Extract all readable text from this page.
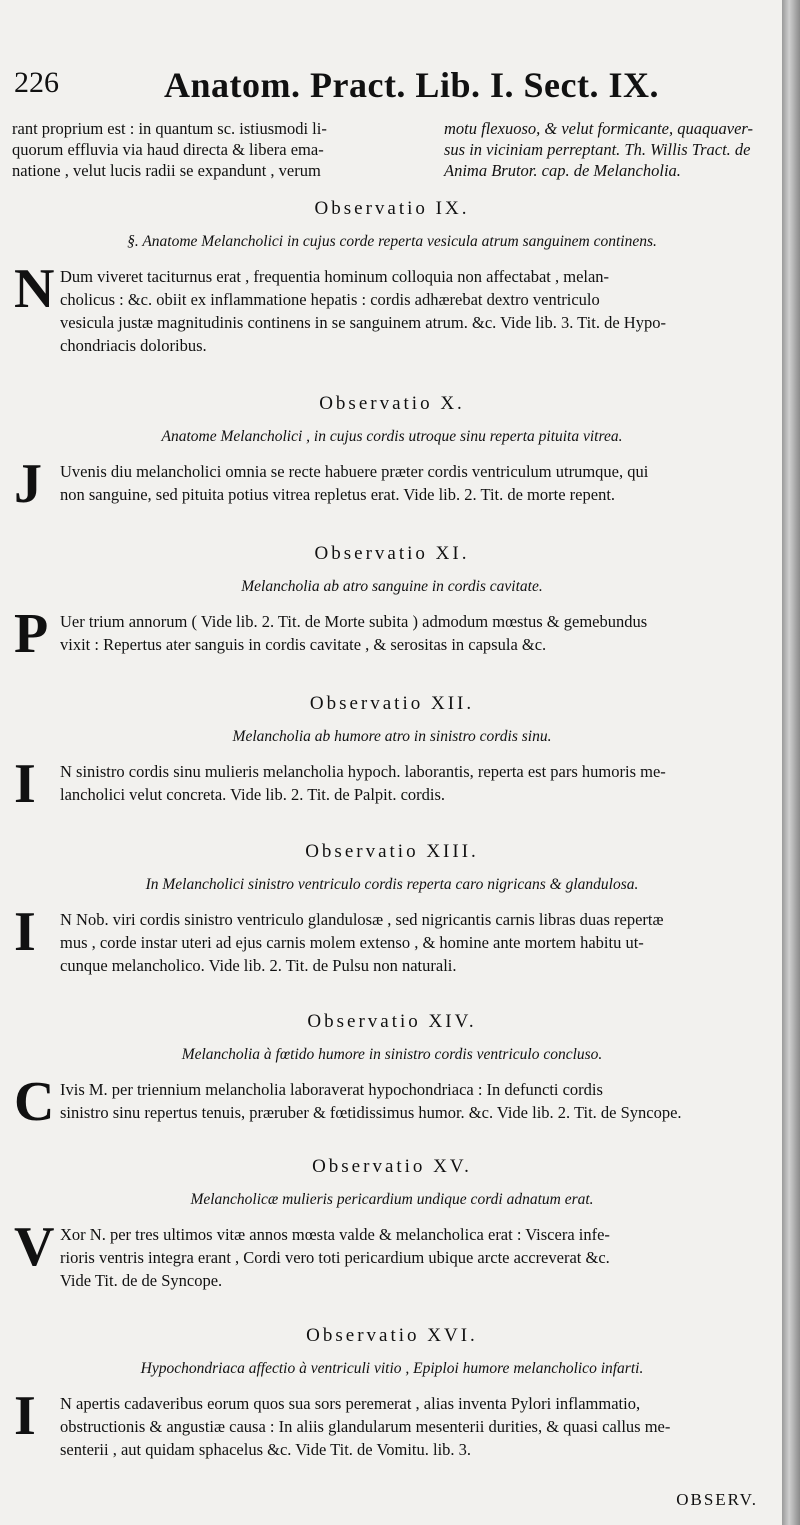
226	Anatom. Pract. Lib. I. Sect. IX.
rant proprium est : in quantum sc. istiusmodi li-
quorum effluvia via haud directa & libera ema-
natione , velut lucis radii se expandunt , verum
motu flexuoso, & velut formicante, quaquaver-
sus in viciniam perreptant. Th. Willis Tract. de
Anima Brutor. cap. de Melancholia.
Observatio IX.
§. Anatome Melancholici in cujus corde reperta vesicula atrum sanguinem continens.
N Dum viveret taciturnus erat , frequentia hominum colloquia non affectabat , melan-
cholicus : &c. obiit ex inflammatione hepatis : cordis adhærebat dextro ventriculo
vesicula justæ magnitudinis continens in se sanguinem atrum. &c. Vide lib. 3. Tit. de Hypo-
chondriacis doloribus.
Observatio X.
Anatome Melancholici , in cujus cordis utroque sinu reperta pituita vitrea.
J Uvenis diu melancholici omnia se recte habuere præter cordis ventriculum utrumque, qui
non sanguine, sed pituita potius vitrea repletus erat. Vide lib. 2. Tit. de morte repent.
Observatio XI.
Melancholia ab atro sanguine in cordis cavitate.
P Uer trium annorum ( Vide lib. 2. Tit. de Morte subita ) admodum mœstus & gemebundus
vixit : Repertus ater sanguis in cordis cavitate , & serositas in capsula &c.
Observatio XII.
Melancholia ab humore atro in sinistro cordis sinu.
I N sinistro cordis sinu mulieris melancholia hypoch. laborantis, reperta est pars humoris me-
lancholici velut concreta. Vide lib. 2. Tit. de Palpit. cordis.
Observatio XIII.
In Melancholici sinistro ventriculo cordis reperta caro nigricans & glandulosa.
I N Nob. viri cordis sinistro ventriculo glandulosæ , sed nigricantis carnis libras duas repertæ
mus , corde instar uteri ad ejus carnis molem extenso , & homine ante mortem habitu ut-
cunque melancholico. Vide lib. 2. Tit. de Pulsu non naturali.
Observatio XIV.
Melancholia à fœtido humore in sinistro cordis ventriculo concluso.
C Ivis M. per triennium melancholia laboraverat hypochondriaca : In defuncti cordis
sinistro sinu repertus tenuis, præruber & fœtidissimus humor. &c. Vide lib. 2. Tit. de Syncope.
Observatio XV.
Melancholicæ mulieris pericardium undique cordi adnatum erat.
V Xor N. per tres ultimos vitæ annos mœsta valde & melancholica erat : Viscera infe-
rioris ventris integra erant , Cordi vero toti pericardium ubique arcte accreverat &c.
Vide Tit. de de Syncope.
Observatio XVI.
Hypochondriaca affectio à ventriculi vitio , Epiploi humore melancholico infarti.
I N apertis cadaveribus eorum quos sua sors peremerat , alias inventa Pylori inflammatio,
obstructionis & angustiæ causa : In aliis glandularum mesenterii durities, & quasi callus me-
senterii , aut quidam sphacelus &c. Vide Tit. de Vomitu. lib. 3.
OBSERV.
